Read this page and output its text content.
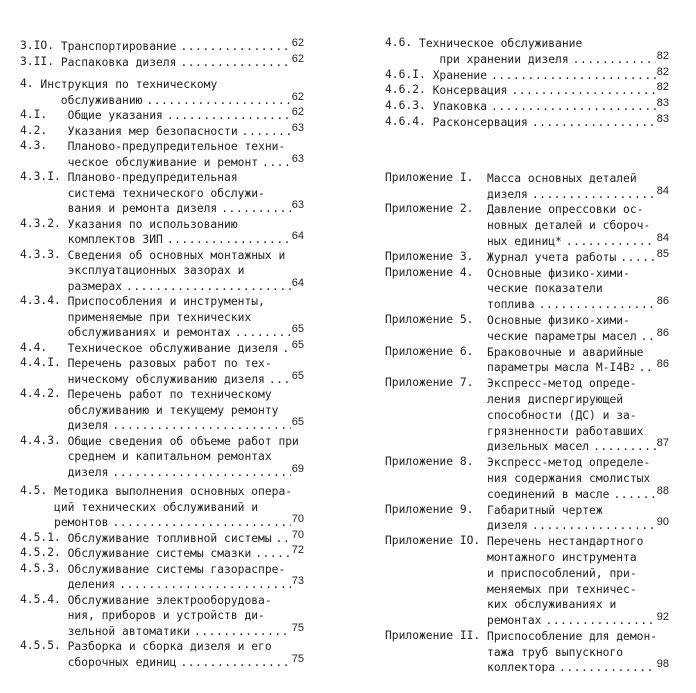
3.IO. Транспортирование .....	62
3.II. Распаковка дизеля .....	62
4. Инструкция по техническому
обслуживанию .....	62
4.I. Общие указания .....	62
4.2. Указания мер безопасности .....	63
4.3. Планово-предупредительное техни-
ческое обслуживание и ремонт .....	63
4.3.I. Планово-предупредительная
система технического обслужи-
вания и ремонта дизеля .....	63
4.3.2. Указания по использованию
комплектов ЗИП .....	64
4.3.3. Сведения об основных монтажных и
эксплуатационных зазорах и
размерах .....	64
4.3.4. Приспособления и инструменты,
применяемые при технических
обслуживаниях и ремонтах .....	65
4.4. Техническое обслуживание дизеля ..... 65
4.4.I. Перечень разовых работ по тех-
ническому обслуживанию дизеля ..... 65
4.4.2. Перечень работ по техническому
обслуживанию и текущему ремонту
дизеля .....	65
4.4.3. Общие сведения об объеме работ при
среднем и капитальном ремонтах
дизеля .....	69
4.5. Методика выполнения основных опера-
ций технических обслуживаний и
ремонтов .....	70
4.5.1. Обслуживание топливной системы ..... 70
4.5.2. Обслуживание системы смазки .....	72
4.5.3. Обслуживание системы газораспре-
деления .....	73
4.5.4. Обслуживание электрооборудова-
ния, приборов и устройств ди-
зельной автоматики .....	75
4.5.5. Разборка и сборка дизеля и его
сборочных единиц .....	75
4.6. Техническое обслуживание
при хранении дизеля .....	82
4.6.I. Хранение .....	82
4.6.2. Консервация .....	82
4.6.3. Упаковка .....	83
4.6.4. Расконсервация .....	83
Приложение I. Масса основных деталей
дизеля .....	84
Приложение 2. Давление опрессовки ос-
новных деталей и сбороч-
ных единиц* .....	84
Приложение 3. Журнал учета работы .....	85
Приложение 4. Основные физико-хими-
ческие показатели
топлива .....	86
Приложение 5. Основные физико-хими-
ческие параметры масел ..... 86
Приложение 6. Браковочные и аварийные
параметры масла М-I4В 2 ..... 86
Приложение 7. Экспресс-метод опреде-
ления диспергирующей
способности (ДС) и за-
грязненности работавших
дизельных масел .....	87
Приложение 8. Экспресс-метод определе-
ния содержания смолистых
соединений в масле .....	88
Приложение 9. Габаритный чертеж
дизеля .....	90
Приложение IO. Перечень нестандартного
монтажного инструмента
и приспособлений, при-
меняемых при техничес-
ких обслуживаниях и
ремонтах .....	92
Приложение II. Приспособление для демон-
тажа труб выпускного
коллектора .....	98
